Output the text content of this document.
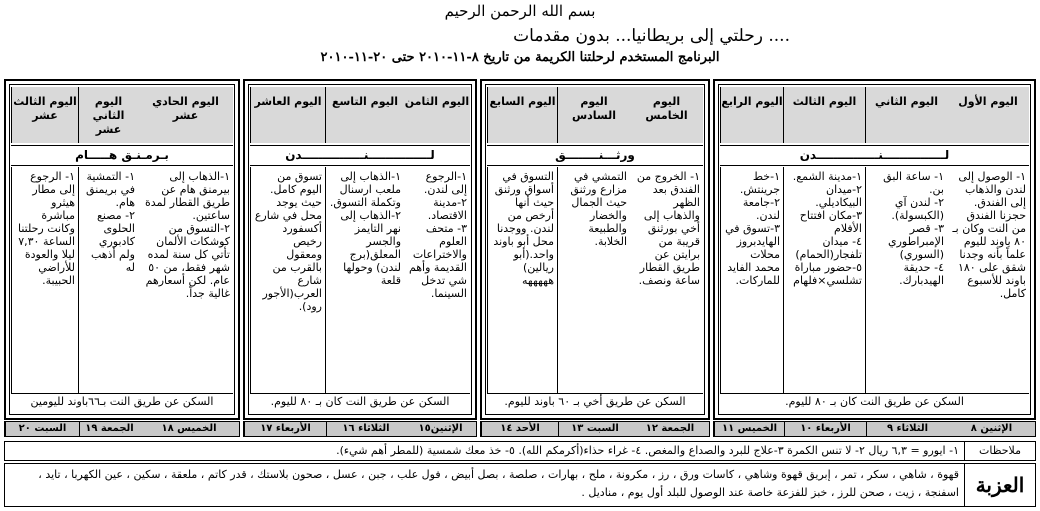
بسم الله الرحمن الرحيم
رحلتي إلى بريطانيا... بدون مقدمات ....
البرنامج المستخدم لرحلتنا الكريمة من تاريخ ٨-١١-٢٠١٠ حتى ٢٠-١١-٢٠١٠
اليوم الأول
اليوم الثاني
اليوم الثالث
اليوم الرابع
لـــــــــــــــنـــــــــــــــدن
١- الوصول إلى لندن والذهاب إلى الفندق. حجزنا الفندق من النت وكان بـ ٨٠ باوند لليوم علماً بأنه وجدنا شقق على ١٨٠ باوند للأسبوع كامل.
١- ساعة البق بن.
٢- لندن آي (الكبسولة).
٣- قصر الإمبراطوري (السوري)
٤- حديقة الهيدبارك.
١-مدينة الشمع.
٢-ميدان البيكاديلي.
٣-مكان افتتاح الأفلام
٤- ميدان تلفجار(الحمام)
٥-حضور مباراة تشلسي×فلهام
١-خط جرينتش.
٢-جامعة لندن.
٣-تسوق في الهايدبروز محلات محمد الفايد للماركات.
السكن عن طريق النت كان بـ ٨٠ لليوم.
اليوم الخامس
اليوم السادس
اليوم السابع
ورثـــنــــــــق
١- الخروج من الفندق بعد الظهر والذهاب إلى أخي بورثنق قريبة من برايتن عن طريق القطار ساعة ونصف.
التمشي في مزارع ورثنق حيث الجمال والخضار والطبيعة الخلابة.
التسوق في أسواق ورثنق حيث أنها أرخص من لندن. ووجدنا محل أبو باوند واحد.(أبو ريالين) هههههه
السكن عن طريق أخي بـ ٦٠ باوند لليوم.
اليوم الثامن
اليوم التاسع
اليوم العاشر
لـــــــــــــــنـــــــــــــــدن
١-الرجوع إلى لندن.
٢-مدينة الاقتصاد.
٣- متحف العلوم والاختراعات القديمة وأهم شي تدخل السينما.
١-الذهاب إلى ملعب ارسنال وتكملة التسوق.
٢-الذهاب إلى نهر التايمز والجسر المعلق(برج لندن) وحولها قلعة
تسوق من اليوم كامل. حيث يوجد محل في شارع أكسفورد رخيص ومعقول بالقرب من شارع العرب(الأجور رود).
السكن عن طريق النت كان بـ ٨٠ لليوم.
اليوم الحادي عشر
اليوم الثاني عشر
اليوم الثالث عشر
بـرمـنـق هـــــام
١-الذهاب إلى بيرمنق هام عن طريق القطار لمدة ساعتين.
٢-التسوق من كوشكات الألمان تأتي كل سنة لمده شهر فقط، من ٥٠ عام. لكن أسعارهم غالية جداً.
١- التمشية في بريمنق هام.
٢- مصنع الحلوى كادبوري ولم أذهب له
١- الرجوع إلى مطار هيثرو مباشرة وكانت رحلتنا الساعة ٧,٣٠ ليلا والعودة للأراضي الحبيبة.
السكن عن طريق النت بـ٦٦باوند لليومين
الإثنين ٨
الثلاثاء ٩
الأربعاء ١٠
الخميس ١١
الجمعة ١٢
السبت ١٣
الأحد ١٤
الإثنين١٥
الثلاثاء ١٦
الأربعاء ١٧
الخميس ١٨
الجمعة ١٩
السبت ٢٠
ملاحظات
١- ايورو = ٦,٣ ريال ٢- لا تنس الكمرة ٣-علاج للبرد والصداع والمغص. ٤- غراء حذاء(أكرمكم الله). ٥- خذ معك شمسية (للمطر أهم شيء).
العزبة
قهوة ، شاهي ، سكر ، تمر ، إبريق قهوة وشاهي ، كاسات ورق ، رز ، مكرونة ، ملح ، بهارات ، صلصة ، بصل أبيض ، فول علب ، جبن ، عسل ، صحون بلاستك ، قدر كاتم ، ملعقة ، سكين ، عين الكهربا ، تايد ، اسفنجة ، زيت ، صحن للرز ، خبز للفزعة خاصة عند الوصول للبلد أول يوم ، مناديل .
